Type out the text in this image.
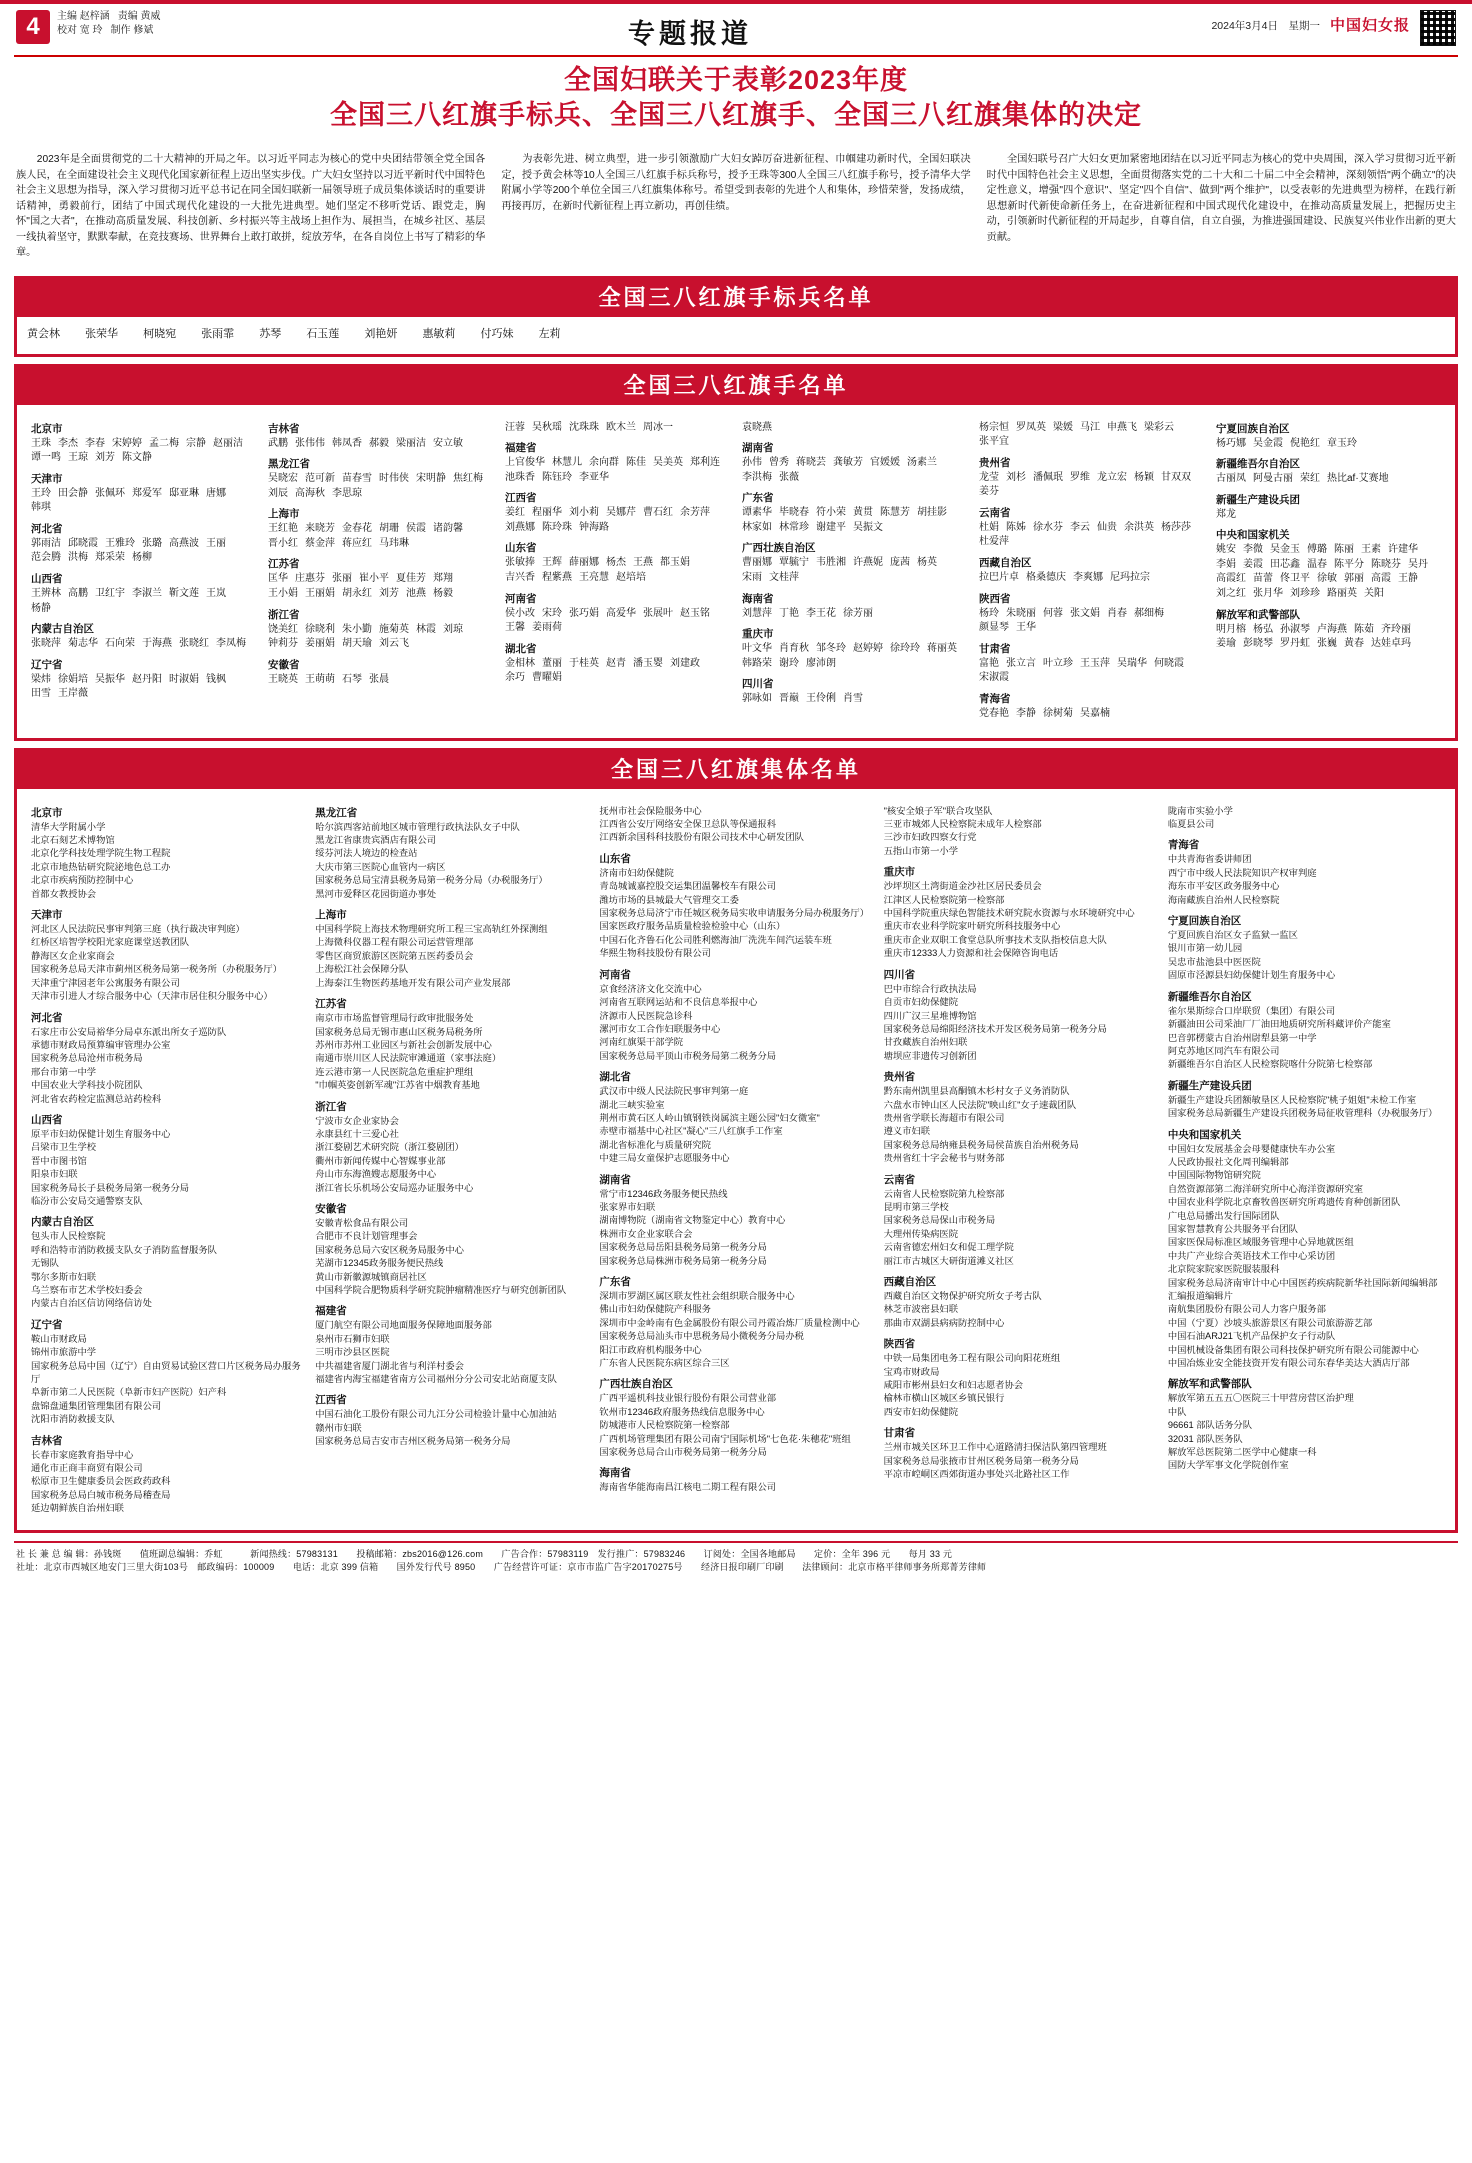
4	主编 赵梓涵 责编 黄威
校对 宽 玲 制作 修斌	专题报道	2024年3月4日　星期一 中国妇女报
全国妇联关于表彰2023年度
全国三八红旗手标兵、全国三八红旗手、全国三八红旗集体的决定
　　2023年是全面贯彻党的二十大精神的开局之年。以习近平同志为核心的党中央团结带领全党全国各族人民，在全面建设社会主义现代化国家新征程上迈出坚实步伐。广大妇女坚持以习近平新时代中国特色社会主义思想为指导，深入学习贯彻习近平总书记在同全国妇联新一届领导班子成员集体谈话时的重要讲话精神，勇毅前行，团结了中国式现代化建设的一大批先进典型。她们坚定不移听党话、跟党走，胸怀"国之大者"，在推动高质量发展、科技创新、乡村振兴等主战场上担作为、展担当，在城乡社区、基层一线执着坚守，默默奉献，在竞技赛场、世界舞台上敢打敢拼，绽放芳华，在各自岗位上书写了精彩的华章。
　　为表彰先进、树立典型，进一步引领激励广大妇女踔厉奋进新征程、巾帼建功新时代，全国妇联决定，授予黄会林等10人全国三八红旗手标兵称号，授予王珠等300人全国三八红旗手称号，授予清华大学附属小学等200个单位全国三八红旗集体称号。希望受到表彰的先进个人和集体，珍惜荣誉，发扬成绩，再接再厉，在新时代新征程上再立新功，再创佳绩。
　　全国妇联号召广大妇女更加紧密地团结在以习近平同志为核心的党中央周围，深入学习贯彻习近平新时代中国特色社会主义思想，全面贯彻落实党的二十大和二十届二中全会精神，深刻领悟"两个确立"的决定性意义，增强"四个意识"、坚定"四个自信"、做到"两个维护"，以受表彰的先进典型为榜样，在践行新思想新时代新使命新任务上，在奋进新征程和中国式现代化建设中，在推动高质量发展上，把握历史主动，引领新时代新征程的开局起步，自尊自信，自立自强，为推进强国建设、民族复兴伟业作出新的更大贡献。
全国三八红旗手标兵名单
黄会林 张荣华 柯晓宛 张雨霏 苏琴 石玉莲 刘艳妍 惠敏莉 付巧妹 左莉
全国三八红旗手名单
北京市
王珠 李杰 李春 宋婷婷 孟二梅 宗静 赵丽洁谭一鸣 王琼 刘芳 陈文静
天津市
王玲 田会静 张佩环 郑爱军 邸亚琳 唐娜韩琪
河北省
郭雨洁 邱晓霞 王雅玲 张璐 高燕波 王丽范会腾 洪梅 郑采荣 杨柳
山西省
王辨林 高鹏 卫红宇 李淑兰 靳文莲 王岚杨静
内蒙古自治区
张晓萍 菊志华 石向荣 于海燕 张晓红 李凤梅
辽宁省
梁炜 徐娟培 吴振华 赵丹阳 时淑娟 钱枫田雪 王岸薇
吉林省
武鹏 张伟伟 韩凤香 郝毅 梁丽洁 安立敏
黑龙江省
吴晓宏 范可新 苗春雪 时伟侠 宋明静 焦红梅刘辰 高海秋 李思琼
上海市
王红艳 来晓芳 金春花 胡珊 侯霞 诸韵馨晋小红 蔡金萍 蒋应红 马玮琳
江苏省
匡华 庄惠芬 张丽 崔小平 夏佳芳 郑翔王小娟 王丽娟 胡永红 刘芳 池燕 杨毅
浙江省
饶美红 徐晓利 朱小勤 施菊英 林霞 刘琼钟莉芬 姜丽娟 胡天瑜 刘云飞
安徽省
王晓英 王萌萌 石琴 张晨
汪蓉 吴秋瑶 沈珠珠 欧木兰 周冰一
福建省
上官俊华 林慧儿 余向群 陈佳 吴美英 郑利连池珠香 陈钰玲 李亚华
江西省
姜红 程丽华 刘小莉 吴娜芹 曹石红 余芳萍刘燕娜 陈玲珠 钟海路
山东省
张敏捧 王辉 薛丽娜 杨杰 王燕 都玉娟吉兴香 程紫燕 王亮慧 赵培培
河南省
侯小改 宋玲 张巧娟 高爱华 张展叶 赵玉铭王馨 姜雨荷
湖北省
金相林 董丽 于桂英 赵青 潘玉婴 刘建政余巧 曹曜娟
袁晓燕
湖南省
孙伟 曾秀 蒋晓芸 龚敏芳 官媛媛 汤素兰李洪梅 张薇
广东省
谭素华 毕晓春 符小荣 黄贯 陈慧芳 胡挂影林家如 林常珍 谢建平 吴振文
广西壮族自治区
曹丽娜 覃毓宁 韦胜湘 许燕妮 庞茜 杨英宋雨 文桂萍
海南省
刘慧萍 丁艳 李王花 徐芳丽
重庆市
叶文华 肖育秋 邹冬玲 赵婷婷 徐玲玲 蒋丽英韩路荣 谢玲 廖沛朗
四川省
郭咏如 晋巅 王伶俐 肖雪
杨宗恒 罗凤英 梁媛 马江 申燕飞 梁彩云张平宜
贵州省
龙莹 刘杉 潘佩珉 罗维 龙立宏 杨颖 甘双双姜芬
云南省
杜娟 陈姊 徐水芬 李云 仙贵 余洪英 杨莎莎杜爱萍
西藏自治区
拉巴片卓 格桑德庆 李爽娜 尼玛拉宗
陕西省
杨玲 朱晓丽 何蓉 张文娟 肖春 郝细梅颜显琴 王华
甘肃省
富艳 张立言 叶立珍 王玉萍 吴瑞华 何晓霞宋淑霞
青海省
党春艳 李静 徐树菊 吴嘉楠
宁夏回族自治区
杨巧娜 吴金霞 倪艳红 章玉玲
新疆维吾尔自治区
古丽凤 阿曼古丽 荣红 热比af·艾赛地
新疆生产建设兵团
郑龙
中央和国家机关
姚安 李微 吴金玉 傅璐 陈丽 王素 许建华李娟 姜霞 田芯鑫 温春 陈平分 陈晓芬 吴丹高霞红 苗蕾 佟卫平 徐敏 郭丽 高霞 王静刘之红 张月华 刘珍珍 路丽英 关阳
解放军和武警部队
明月榕 杨弘 孙淑琴 卢海燕 陈茹 齐玲丽姜瑜 彭晓琴 罗丹虹 张巍 黄春 达娃卓玛
全国三八红旗集体名单
北京市
清华大学附属小学
北京石刻艺术博物馆
北京化学科技处理学院生物工程院
北京市地热钻研究院泌地色总工办
北京市疾病预防控制中心
首都女教授协会
天津市
河北区人民法院民事审判第三庭（执行裁决审判庭）
红桥区培智学校阳光家庭课堂送教团队
静海区女企业家商会
国家税务总局天津市蓟州区税务局第一税务所（办税服务厅）
天津重宁津园老年公寓服务有限公司
天津市引进人才综合服务中心（天津市居住积分服务中心）
河北省
石家庄市公安局裕华分局卓东派出所女子巡防队
承德市财政局预算编审管理办公室
国家税务总局沧州市税务局
邢台市第一中学
中国农业大学科技小院团队
河北省农药检定监测总站药检科
山西省
原平市妇幼保健计划生育服务中心
吕梁市卫生学校
晋中市图书馆
阳泉市妇联
国家税务局长子县税务局第一税务分局
临汾市公安局交通警察支队
内蒙古自治区
包头市人民检察院
呼和浩特市消防救援支队女子消防监督服务队
无锡队
鄂尔多斯市妇联
乌兰察布市艺术学校妇委会
内蒙古自治区信访网络信访处
辽宁省
鞍山市财政局
锦州市旅游中学
国家税务总局中国（辽宁）自由贸易试验区营口片区税务局办服务厅
阜新市第二人民医院（阜新市妇产医院）妇产科
盘锦盘通集团管理集团有限公司
沈阳市消防救援支队
吉林省
长春市家庭教育指导中心
通化市正商丰商贸有限公司
松原市卫生健康委员会医政药政科
国家税务总局白城市税务局稽查局
延边朝鲜族自治州妇联
黑龙江省
哈尔滨西客站前地区城市管理行政执法队女子中队
黑龙江省康贵宾酒店有限公司
绥芬河法人境边的检查站
大庆市第三医院心血管内一病区
国家税务总局宝清县税务局第一税务分局（办税服务厅）
黑河市爱释区花园街道办事处
上海市
中国科学院上海技术物理研究所工程三宝高轨红外探测组
上海微科仪器工程有限公司运营管理部
零售区商贸旅游区医院第五医药委员会
上海松江社会保障分队
上海泰江生物医药基地开发有限公司产业发展部
江苏省
南京市市场监督管理局行政审批服务处
国家税务总局无锡市惠山区税务局税务所
苏州市苏州工业园区与新社会创新发展中心
南通市崇川区人民法院审滩通道（家事法庭）
连云港市第一人民医院急危重症护理组
"巾帼英姿创新军魂"江苏省中烟教育基地
浙江省
宁波市女企业家协会
永康县红十三爱心社
浙江婺剧艺术研究院（浙江婺剧团）
衢州市新闻传媒中心智媒事业部
舟山市东海渔嫂志愿服务中心
浙江省长乐机场公安局巡办证服务中心
安徽省
安徽青松食品有限公司
合肥市不良计划管理事会
国家税务总局六安区税务局服务中心
芜湖市12345政务服务便民热线
黄山市新徽源城镇商居社区
中国科学院合肥物质科学研究院肿瘤精准医疗与研究创新团队
福建省
厦门航空有限公司地面服务保障地面服务部
泉州市石狮市妇联
三明市沙县区医院
中共福建省厦门湖北省与利洋村委会
福建省内海宝福建省南方公司福州分分公司安北站商厦支队
江西省
中国石油化工股份有限公司九江分公司检验计量中心加油站
赣州市妇联
国家税务总局吉安市吉州区税务局第一税务分局
抚州市社会保险服务中心
江西省公安厅网络安全保卫总队等保通报科
江西新余国科科技股份有限公司技术中心研发团队
山东省
济南市妇幼保健院
青岛城诚嘉控股交运集团温馨校车有限公司
潍坊市场的县城最大气管理交工委
国家税务总局济宁市任城区税务局实收申请服务分局办税服务厅）
国家医政疗服务品质量检验检验中心（山东）
中国石化齐鲁石化公司胜利燃海油厂洗洗车间汽运装车班
华熙生物科技股份有限公司
河南省
京食经济济文化交流中心
河南省互联网运站和不良信息举报中心
济源市人民医院急诊科
漯河市女工合作妇联服务中心
河南红旗渠干部学院
国家税务总局平顶山市税务局第二税务分局
湖北省
武汉市中级人民法院民事审判第一庭
湖北三峡实验室
荆州市黄石区人岭山镇钢铁岗属滨主题公园"妇女微室"
赤壁市福基中心社区"凝心"三八红旗手工作室
湖北省标准化与质量研究院
中建三局女童保护志愿服务中心
湖南省
常宁市12346政务服务便民热线
张家界市妇联
湖南博物院（湖南省文物鉴定中心）教育中心
株洲市女企业家联合会
国家税务总局岳阳县税务局第一税务分局
国家税务总局株洲市税务局第一税务分局
广东省
深圳市罗湖区属区联友性社会组织联合服务中心
佛山市妇幼保健院产科服务
深圳市中金岭南有色金属股份有限公司丹霞冶炼厂质量检测中心
国家税务总局汕头市中思税务局小微税务分局办税
阳江市政府机构服务中心
广东省人民医院东病区综合三区
广西壮族自治区
广西平遥机科技业银行股份有限公司营业部
钦州市12346政府服务热线信息服务中心
防城港市人民检察院第一检察部
广西机场管理集团有限公司南宁国际机场"七色花·朱穗花"班组
国家税务总局合山市税务局第一税务分局
海南省
海南省华能海南昌江核电二期工程有限公司
"核安全娘子军"联合攻坚队
三亚市城郊人民检察院未成年人检察部
三沙市妇政四察女行党
五指山市第一小学
重庆市
沙坪坝区土湾街道金沙社区居民委员会
江津区人民检察院第一检察部
中国科学院重庆绿色智能技术研究院水资源与水环境研究中心
重庆市农业科学院家叶研究所科技服务中心
重庆市企业双职工食堂总队所事技术支队指校信息大队
重庆市12333人力资源和社会保障咨询电话
四川省
巴中市综合行政执法局
自贡市妇幼保健院
四川广汉三星堆博物馆
国家税务总局绵阳经济技术开发区税务局第一税务分局
甘孜藏族自治州妇联
塘坝应非遗传习创新团
贵州省
黔东南州凯里县高酮镇木杉村女子义务消防队
六盘水市钟山区人民法院"映山红"女子速裁团队
贵州省学联长海超市有限公司
遵义市妇联
国家税务总局纳雍县税务局侯苗族自治州税务局
贵州省红十字会秘书与财务部
云南省
云南省人民检察院第九检察部
昆明市第三学校
国家税务总局保山市税务局
大理州传染病医院
云南省德宏州妇女和促工理学院
丽江市古城区大研街道滩义社区
西藏自治区
西藏自治区文物保护研究所女子考古队
林芝市波密县妇联
那曲市双湖县病病防控制中心
陕西省
中铁一局集团电务工程有限公司向阳花班组
宝鸡市财政局
咸阳市彬州县妇女和妇志愿者协会
榆林市横山区城区乡镇民银行
西安市妇幼保健院
甘肃省
兰州市城关区环卫工作中心道路清扫保洁队第四管理班
国家税务总局张掖市甘州区税务局第一税务分局
平凉市崆峒区西郊街道办事处兴北路社区工作
陇南市实验小学
临夏县公司
青海省
中共青海省委讲师团
西宁市中级人民法院知识产权审判庭
海东市平安区政务服务中心
海南藏族自治州人民检察院
宁夏回族自治区
宁夏回族自治区女子监狱一监区
银川市第一幼儿园
吴忠市盐池县中医医院
固原市泾源县妇幼保健计划生育服务中心
新疆维吾尔自治区
雀尔果斯综合口岸联贸（集团）有限公司
新疆油田公司采油厂厂油田地质研究所科藏评价产能室
巴音郭楞蒙古自治州尉犁县第一中学
阿克苏地区同汽车有限公司
新疆维吾尔自治区人民检察院喀什分院第七检察部
新疆生产建设兵团
新疆生产建设兵团额敏垦区人民检察院"桃子姐姐"未检工作室
国家税务总局新疆生产建设兵团税务局征收管理科（办税服务厅）
中央和国家机关
中国妇女发展基金会母婴健康快车办公室
人民政协报社文化周刊编辑部
中国国际物物馆研究院
自然资源部第二海洋研究所中心海洋资源研究室
中国农业科学院北京畜牧兽医研究所鸡遗传育种创新团队
广电总局播出发行国际团队
国家智慧教育公共服务平台团队
国家医保局标准区域服务管理中心异地就医组
中共广产业综合英语技术工作中心采访团
北京院家院家医院服装服科
国家税务总局济南审计中心中国医药疾病院新华社国际新闻编辑部汇编报道编辑片
南航集团股份有限公司人力客户服务部
中国（宁夏）沙坡头旅游景区有限公司旅游游艺部
中国石油ARJ21飞机产品保护女子行动队
中国机械设备集团有限公司科技保护研究所有限公司能源中心
中国冶炼业安全能技资开发有限公司东春华美达大酒店厅部
解放军和武警部队
解放军第五五五〇医院三十甲营房营区治护理
中队
96661 部队话务分队
32031 部队医务队
解放军总医院第二医学中心健康一科
国防大学军事文化学院创作室
社 长 兼 总 编 辑：孙钱斑　　值班副总编辑：乔虹　　　新闻热线：57983131　　投稿邮箱：zbs2016@126.com　　广告合作：57983119　发行推广：57983246　　订阅处：全国各地邮局　　定价：全年 396 元　　每月 33 元
社址：北京市西城区地安门三里大街103号　邮政编码：100009　　电话：北京 399 信箱　　国外发行代号 8950　　广告经营许可证：京市市监广告字20170275号　　经济日报印刷厂印刷　　法律顾问：北京市格平律师事务所郑菁芳律师
